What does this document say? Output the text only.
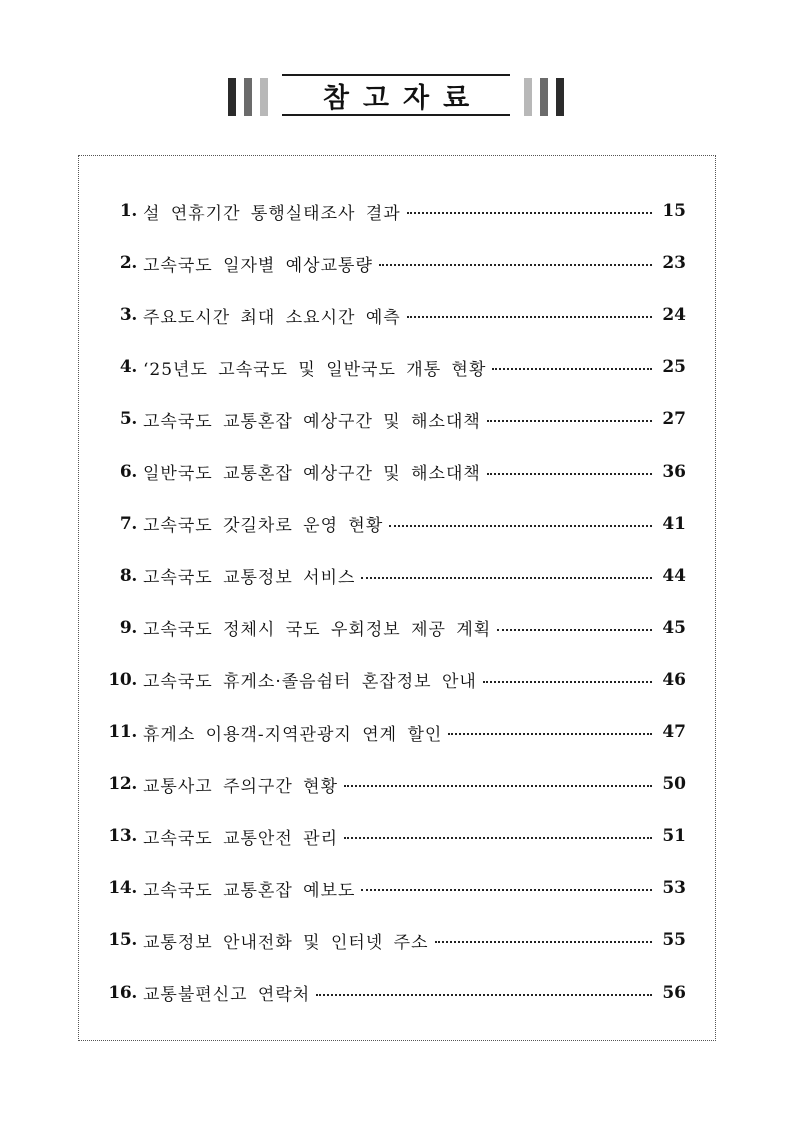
참고자료
1. 설 연휴기간 통행실태조사 결과	15
2. 고속국도 일자별 예상교통량	23
3. 주요도시간 최대 소요시간 예측	24
4. ‘25년도 고속국도 및 일반국도 개통 현황	25
5. 고속국도 교통혼잡 예상구간 및 해소대책	27
6. 일반국도 교통혼잡 예상구간 및 해소대책	36
7. 고속국도 갓길차로 운영 현황	41
8. 고속국도 교통정보 서비스	44
9. 고속국도 정체시 국도 우회정보 제공 계획	45
10. 고속국도 휴게소·졸음쉼터 혼잡정보 안내	46
11. 휴게소 이용객-지역관광지 연계 할인	47
12. 교통사고 주의구간 현황	50
13. 고속국도 교통안전 관리	51
14. 고속국도 교통혼잡 예보도	53
15. 교통정보 안내전화 및 인터넷 주소	55
16. 교통불편신고 연락처	56
